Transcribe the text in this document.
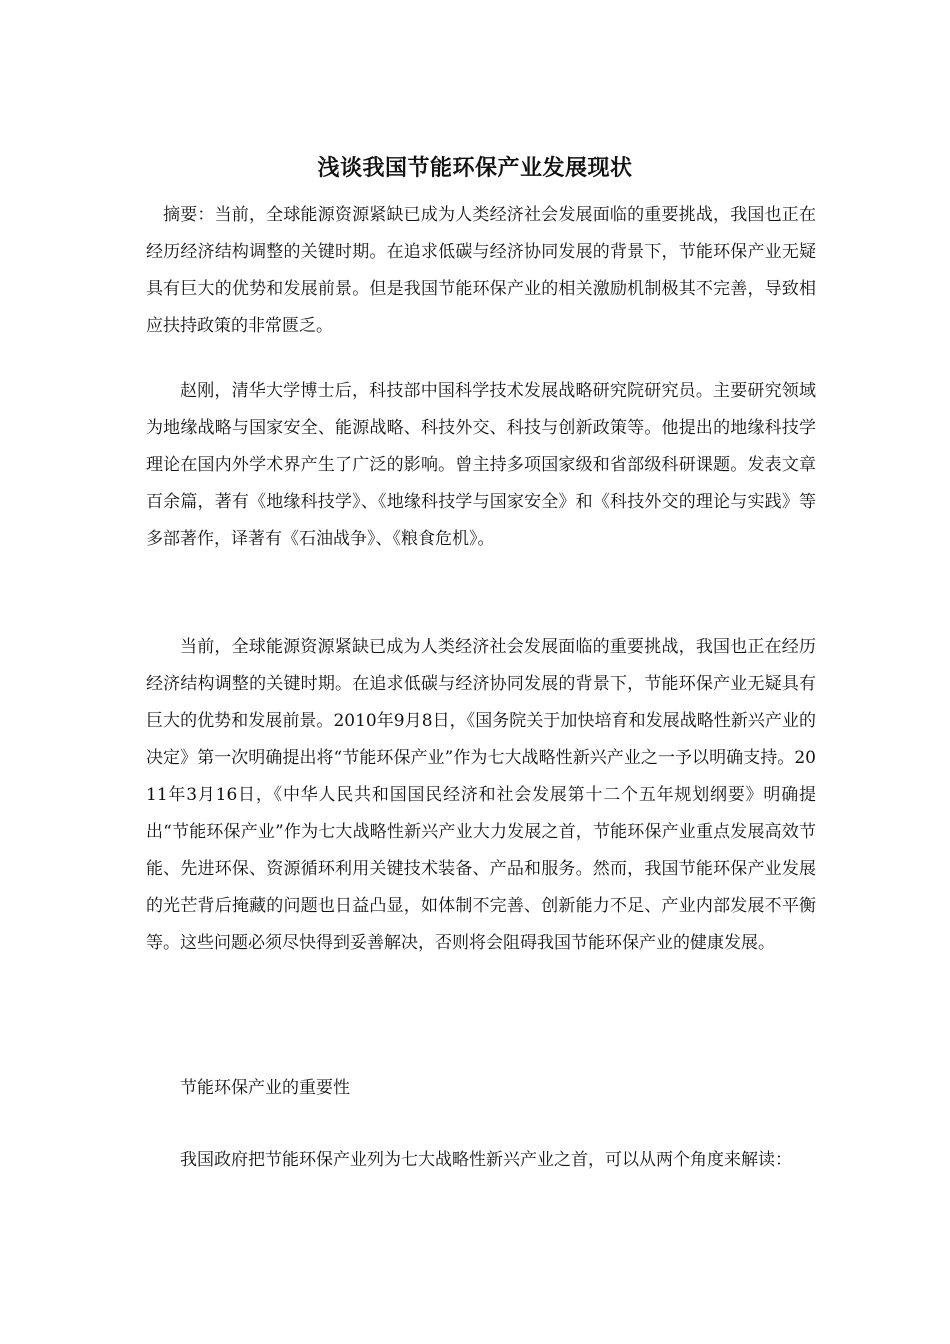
浅谈我国节能环保产业发展现状

摘要：当前，全球能源资源紧缺已成为人类经济社会发展面临的重要挑战，我国也正在经历经济结构调整的关键时期。在追求低碳与经济协同发展的背景下，节能环保产业无疑具有巨大的优势和发展前景。但是我国节能环保产业的相关激励机制极其不完善，导致相应扶持政策的非常匮乏。

赵刚，清华大学博士后，科技部中国科学技术发展战略研究院研究员。主要研究领域为地缘战略与国家安全、能源战略、科技外交、科技与创新政策等。他提出的地缘科技学理论在国内外学术界产生了广泛的影响。曾主持多项国家级和省部级科研课题。发表文章百余篇，著有《地缘科技学》、《地缘科技学与国家安全》和《科技外交的理论与实践》等多部著作，译著有《石油战争》、《粮食危机》。

当前，全球能源资源紧缺已成为人类经济社会发展面临的重要挑战，我国也正在经历经济结构调整的关键时期。在追求低碳与经济协同发展的背景下，节能环保产业无疑具有巨大的优势和发展前景。2010年9月8日，《国务院关于加快培育和发展战略性新兴产业的决定》第一次明确提出将“节能环保产业”作为七大战略性新兴产业之一予以明确支持。2011年3月16日，《中华人民共和国国民经济和社会发展第十二个五年规划纲要》明确提出“节能环保产业”作为七大战略性新兴产业大力发展之首，节能环保产业重点发展高效节能、先进环保、资源循环利用关键技术装备、产品和服务。然而，我国节能环保产业发展的光芒背后掩藏的问题也日益凸显，如体制不完善、创新能力不足、产业内部发展不平衡等。这些问题必须尽快得到妥善解决，否则将会阻碍我国节能环保产业的健康发展。

节能环保产业的重要性

我国政府把节能环保产业列为七大战略性新兴产业之首，可以从两个角度来解读：
